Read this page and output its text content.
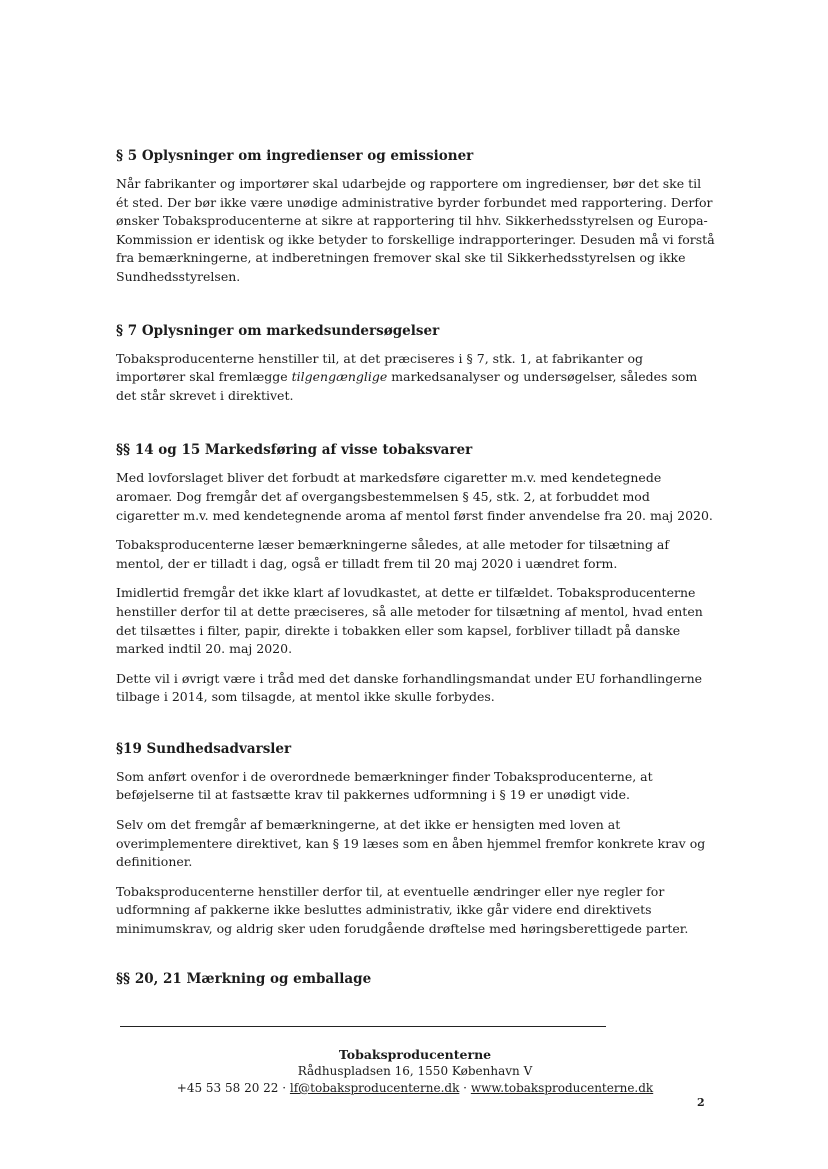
§ 5 Oplysninger om ingredienser og emissioner

Når fabrikanter og importører skal udarbejde og rapportere om ingredienser, bør det ske til ét sted. Der bør ikke være unødige administrative byrder forbundet med rapportering. Derfor ønsker Tobaksproducenterne at sikre at rapportering til hhv. Sikkerhedsstyrelsen og Europa-Kommission er identisk og ikke betyder to forskellige indrapporteringer. Desuden må vi forstå fra bemærkningerne, at indberetningen fremover skal ske til Sikkerhedsstyrelsen og ikke Sundhedsstyrelsen.

§ 7 Oplysninger om markedsundersøgelser

Tobaksproducenterne henstiller til, at det præciseres i § 7, stk. 1, at fabrikanter og importører skal fremlægge tilgengænglige markedsanalyser og undersøgelser, således som det står skrevet i direktivet.

§§ 14 og 15 Markedsføring af visse tobaksvarer

Med lovforslaget bliver det forbudt at markedsføre cigaretter m.v. med kendetegnede aromaer. Dog fremgår det af overgangsbestemmelsen § 45, stk. 2, at forbuddet mod cigaretter m.v. med kendetegnende aroma af mentol først finder anvendelse fra 20. maj 2020.

Tobaksproducenterne læser bemærkningerne således, at alle metoder for tilsætning af mentol, der er tilladt i dag, også er tilladt frem til 20 maj 2020 i uændret form.

Imidlertid fremgår det ikke klart af lovudkastet, at dette er tilfældet. Tobaksproducenterne henstiller derfor til at dette præciseres, så alle metoder for tilsætning af mentol, hvad enten det tilsættes i filter, papir, direkte i tobakken eller som kapsel, forbliver tilladt på danske marked indtil 20. maj 2020.

Dette vil i øvrigt være i tråd med det danske forhandlingsmandat under EU forhandlingerne tilbage i 2014, som tilsagde, at mentol ikke skulle forbydes.

§19 Sundhedsadvarsler

Som anført ovenfor i de overordnede bemærkninger finder Tobaksproducenterne, at beføjelserne til at fastsætte krav til pakkernes udformning i § 19 er unødigt vide.

Selv om det fremgår af bemærkningerne, at det ikke er hensigten med loven at overimplementere direktivet, kan § 19 læses som en åben hjemmel fremfor konkrete krav og definitioner.

Tobaksproducenterne henstiller derfor til, at eventuelle ændringer eller nye regler for udformning af pakkerne ikke besluttes administrativ, ikke går videre end direktivets minimumskrav, og aldrig sker uden forudgående drøftelse med høringsberettigede parter.

§§ 20, 21 Mærkning og emballage
Tobaksproducenterne
Rådhuspladsen 16, 1550 København V
+45 53 58 20 22 · lf@tobaksproducenterne.dk · www.tobaksproducenterne.dk
2
